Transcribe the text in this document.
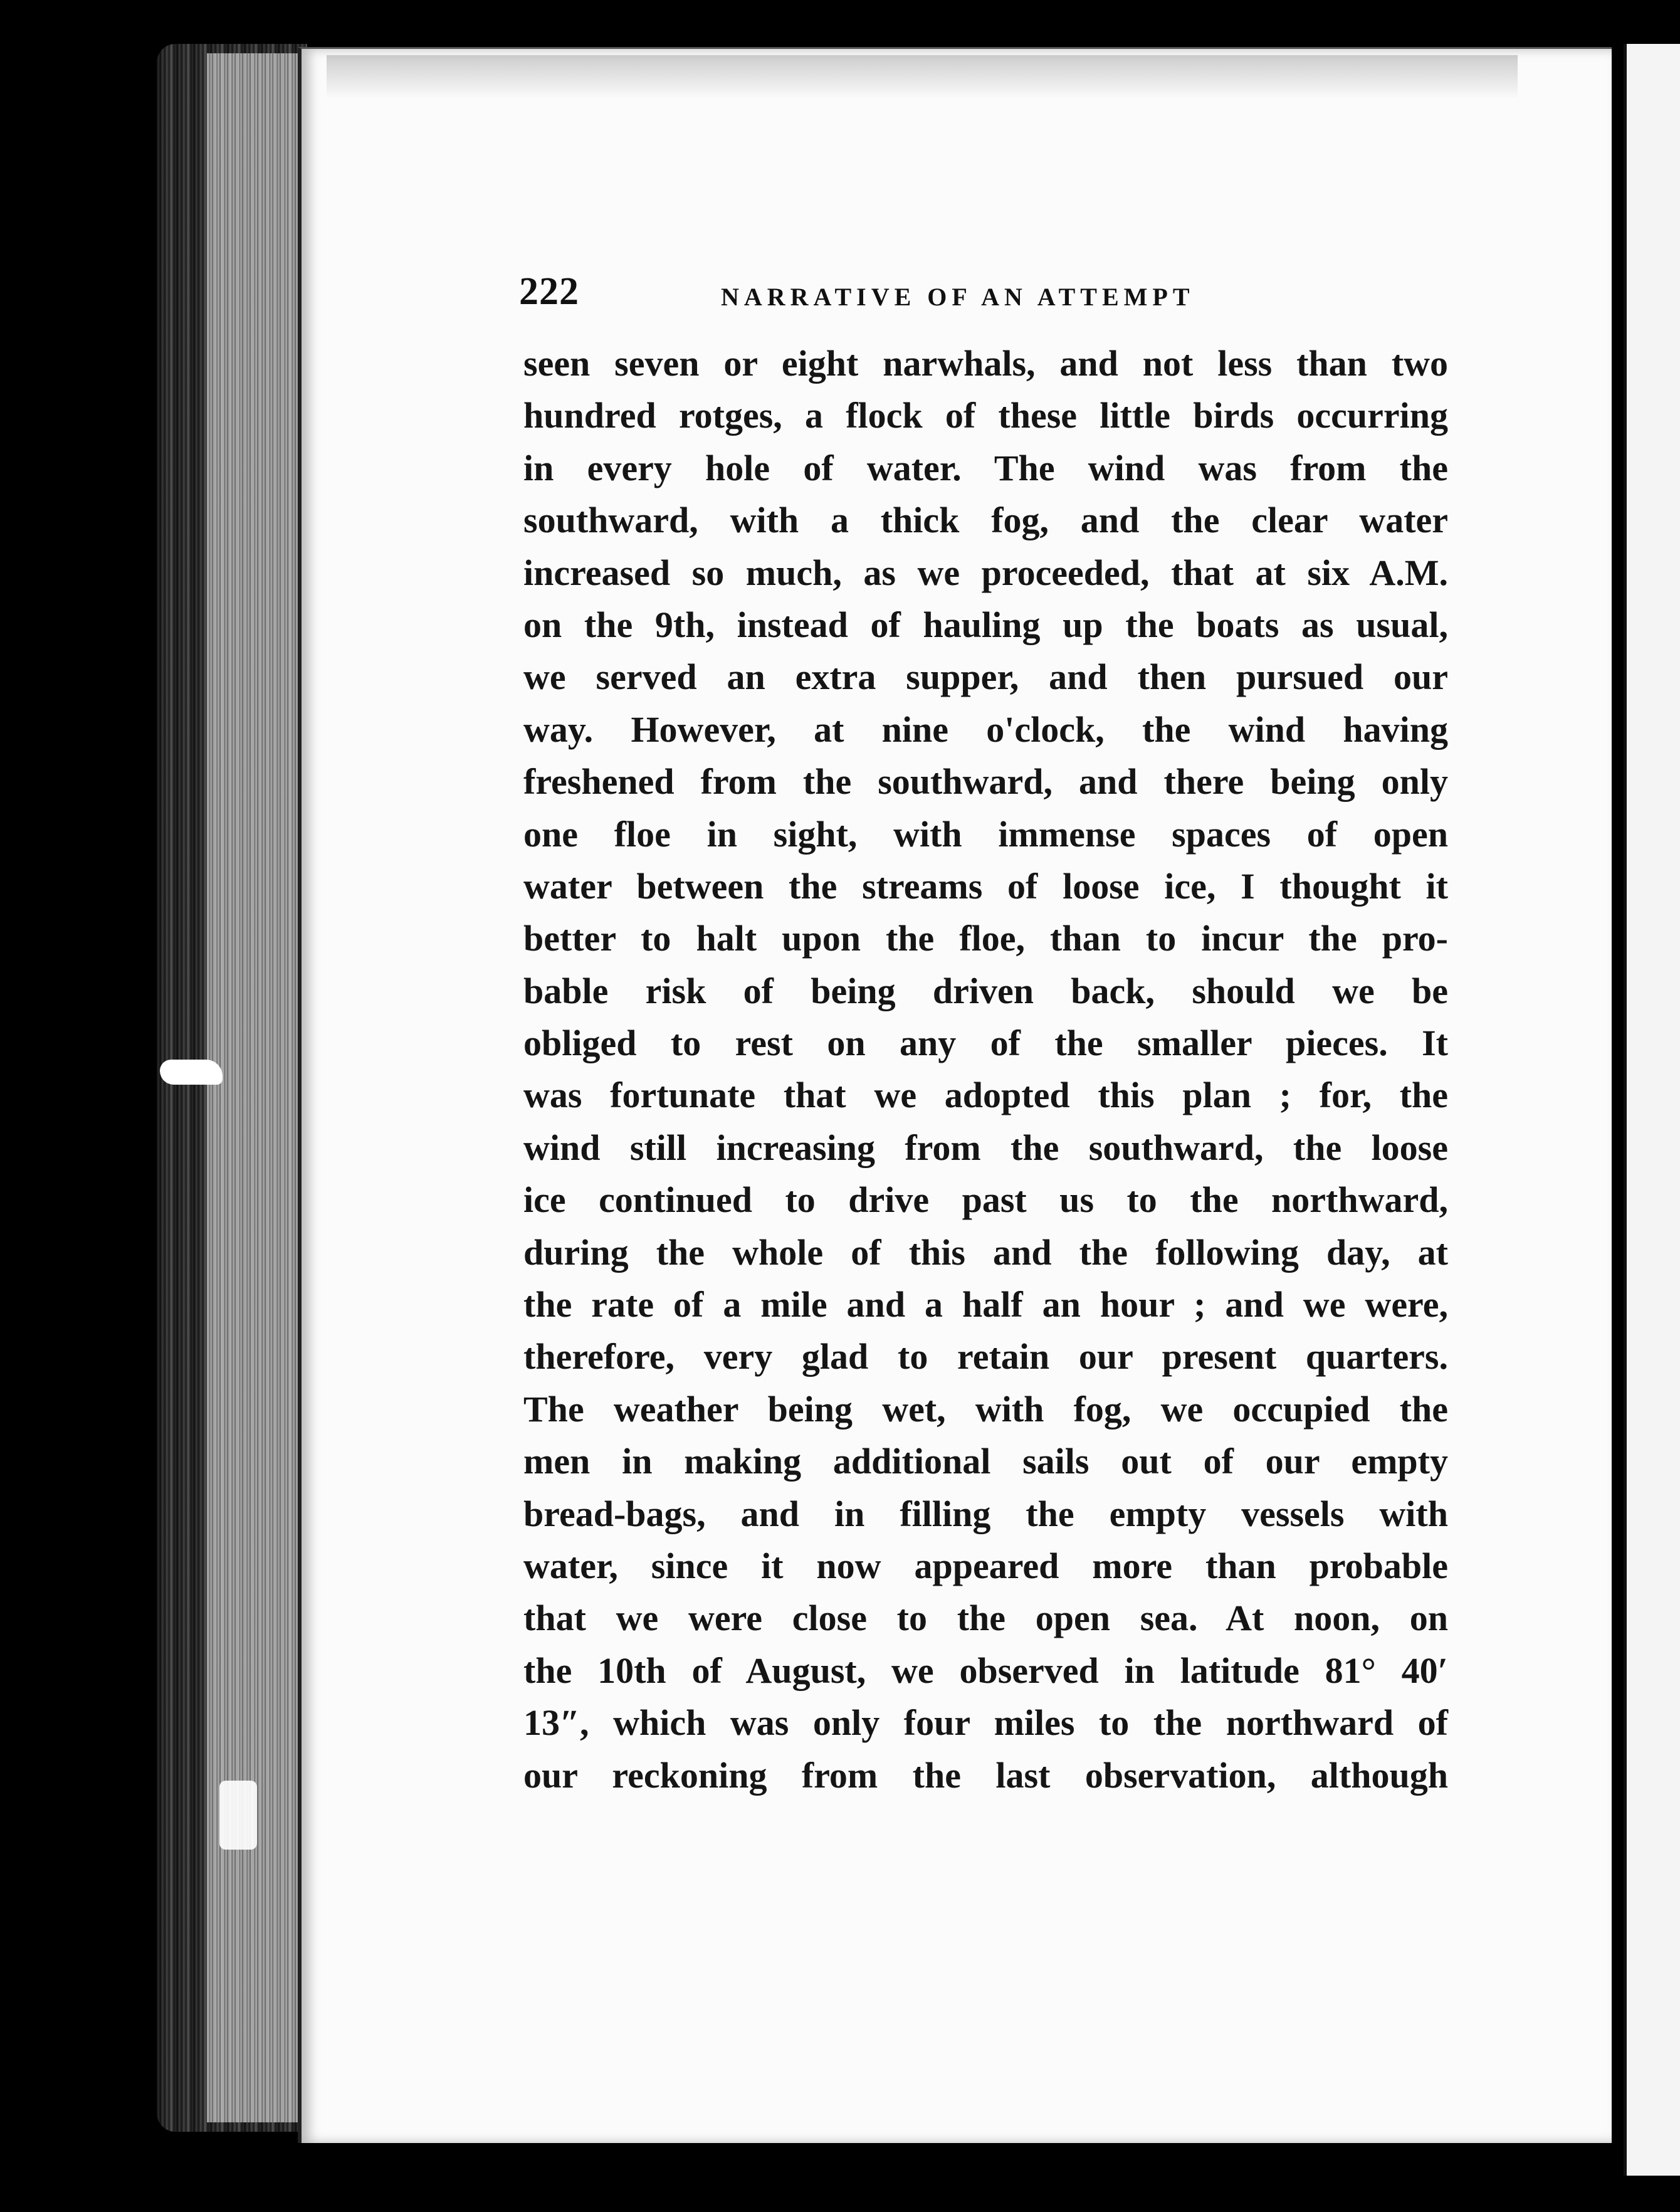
222	NARRATIVE OF AN ATTEMPT
seen seven or eight narwhals, and not less than two
hundred rotges, a flock of these little birds occurring
in every hole of water. The wind was from the
southward, with a thick fog, and the clear water
increased so much, as we proceeded, that at six A.M.
on the 9th, instead of hauling up the boats as usual,
we served an extra supper, and then pursued our
way. However, at nine o'clock, the wind having
freshened from the southward, and there being only
one floe in sight, with immense spaces of open
water between the streams of loose ice, I thought it
better to halt upon the floe, than to incur the pro-
bable risk of being driven back, should we be
obliged to rest on any of the smaller pieces. It
was fortunate that we adopted this plan ; for, the
wind still increasing from the southward, the loose
ice continued to drive past us to the northward,
during the whole of this and the following day, at
the rate of a mile and a half an hour ; and we were,
therefore, very glad to retain our present quarters.
The weather being wet, with fog, we occupied the
men in making additional sails out of our empty
bread-bags, and in filling the empty vessels with
water, since it now appeared more than probable
that we were close to the open sea. At noon, on
the 10th of August, we observed in latitude 81° 40′
13″, which was only four miles to the northward of
our reckoning from the last observation, although
